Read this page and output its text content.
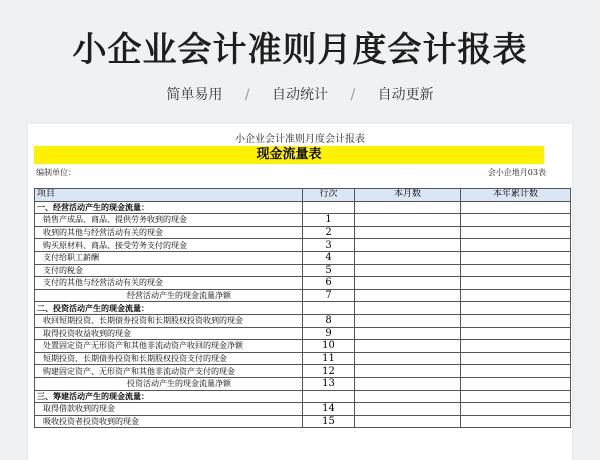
小企业会计准则月度会计报表
简单易用 / 自动统计 / 自动更新
小企业会计准则月度会计报表
现金流量表
编制单位：	会小企地月03表
项目	行次	本月数	本年累计数
一、经营活动产生的现金流量：			
销售产成品、商品、提供劳务收到的现金	1		
收到的其他与经营活动有关的现金	2		
购买原材料、商品、接受劳务支付的现金	3		
支付给职工薪酬	4		
支付的税金	5		
支付的其他与经营活动有关的现金	6		
经营活动产生的现金流量净额	7		
二、投资活动产生的现金流量：			
收回短期投资、长期债券投资和长期股权投资收到的现金	8		
取得投资收益收到的现金	9		
处置固定资产无形资产和其他非流动资产收回的现金净额	10		
短期投资、长期债券投资和长期股权投资支付的现金	11		
购建固定资产、无形资产和其他非流动资产支付的现金	12		
投资活动产生的现金流量净额	13		
三、筹建活动产生的现金流量：			
取得借款收到的现金	14		
吸收投资者投资收到的现金	15		
